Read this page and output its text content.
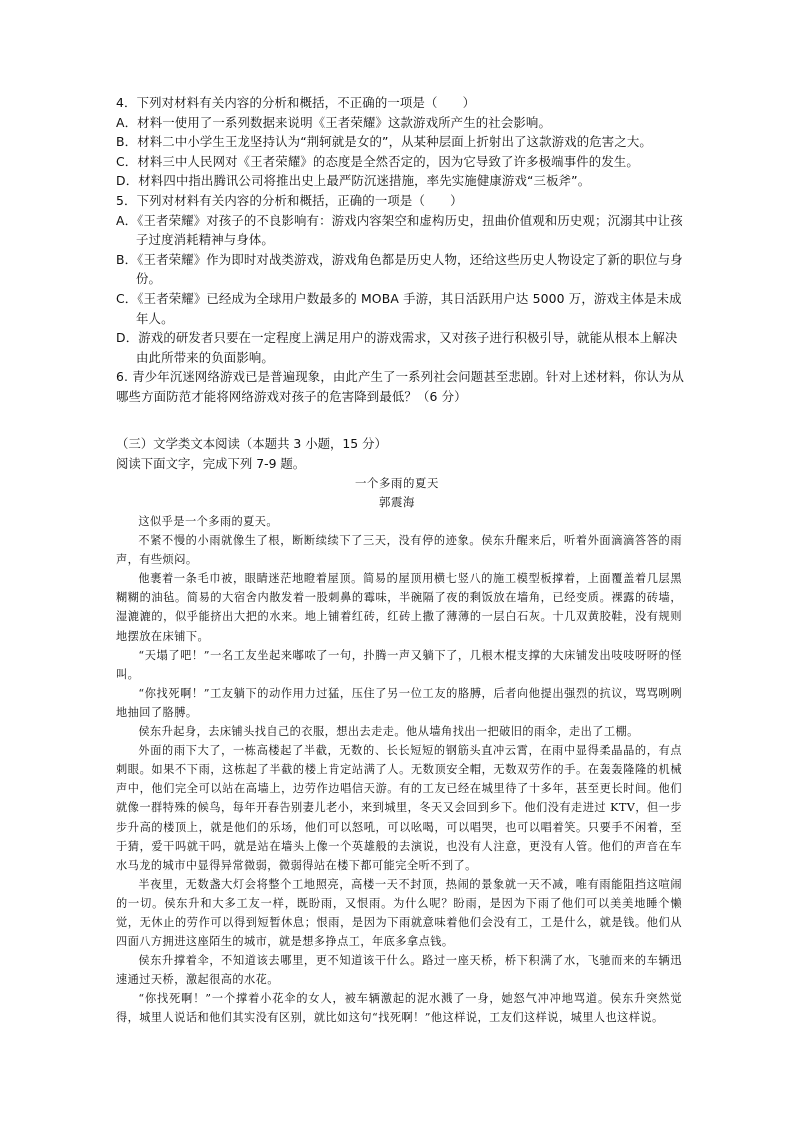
4．下列对材料有关内容的分析和概括，不正确的一项是（　　）

A．材料一使用了一系列数据来说明《王者荣耀》这款游戏所产生的社会影响。

B．材料二中小学生王龙坚持认为“荆轲就是女的”，从某种层面上折射出了这款游戏的危害之大。

C．材料三中人民网对《王者荣耀》的态度是全然否定的，因为它导致了许多极端事件的发生。

D．材料四中指出腾讯公司将推出史上最严防沉迷措施，率先实施健康游戏“三板斧”。

5．下列对材料有关内容的分析和概括，正确的一项是（　　）

A．《王者荣耀》对孩子的不良影响有：游戏内容架空和虚构历史，扭曲价值观和历史观；沉溺其中让孩子过度消耗精神与身体。

B．《王者荣耀》作为即时对战类游戏，游戏角色都是历史人物，还给这些历史人物设定了新的职位与身份。

C．《王者荣耀》已经成为全球用户数最多的 MOBA 手游，其日活跃用户达 5000 万，游戏主体是未成年人。

D．游戏的研发者只要在一定程度上满足用户的游戏需求，又对孩子进行积极引导，就能从根本上解决由此所带来的负面影响。

6. 青少年沉迷网络游戏已是普遍现象，由此产生了一系列社会问题甚至悲剧。针对上述材料，你认为从哪些方面防范才能将网络游戏对孩子的危害降到最低？（6 分）

（三）文学类文本阅读（本题共 3 小题，15 分）

阅读下面文字，完成下列 7-9 题。

一个多雨的夏天
郭震海

这似乎是一个多雨的夏天。

不紧不慢的小雨就像生了根，断断续续下了三天，没有停的迹象。侯东升醒来后，听着外面滴滴答答的雨声，有些烦闷。

他裹着一条毛巾被，眼睛迷茫地瞪着屋顶。简易的屋顶用横七竖八的施工模型板撑着，上面覆盖着几层黑糊糊的油毡。简易的大宿舍内散发着一股刺鼻的霉味，半碗隔了夜的剩饭放在墙角，已经变质。裸露的砖墙，湿漉漉的，似乎能挤出大把的水来。地上铺着红砖，红砖上撒了薄薄的一层白石灰。十几双黄胶鞋，没有规则地摆放在床铺下。

“天塌了吧！”一名工友坐起来嘟哝了一句，扑腾一声又躺下了，几根木棍支撑的大床铺发出吱吱呀呀的怪叫。

“你找死啊！”工友躺下的动作用力过猛，压住了另一位工友的胳膊，后者向他提出强烈的抗议，骂骂咧咧地抽回了胳膊。

侯东升起身，去床铺头找自己的衣服，想出去走走。他从墙角找出一把破旧的雨伞，走出了工棚。

外面的雨下大了，一栋高楼起了半截，无数的、长长短短的钢筋头直冲云霄，在雨中显得柔晶晶的，有点刺眼。如果不下雨，这栋起了半截的楼上肯定站满了人。无数顶安全帽，无数双劳作的手。在轰轰隆隆的机械声中，他们完全可以站在高墙上，边劳作边唱信天游。有的工友已经在城里待了十多年，甚至更长时间。他们就像一群特殊的候鸟，每年开春告别妻儿老小，来到城里，冬天又会回到乡下。他们没有走进过 KTV，但一步步升高的楼顶上，就是他们的乐场，他们可以怒吼，可以吆喝，可以唱哭，也可以唱着笑。只要手不闲着，至于猜，爱干吗就干吗，就是站在墙头上像一个英雄般的去演说，也没有人注意，更没有人管。他们的声音在车水马龙的城市中显得异常微弱，微弱得站在楼下都可能完全听不到了。

半夜里，无数盏大灯会将整个工地照亮，高楼一天不封顶，热闹的景象就一天不减，唯有雨能阻挡这喧闹的一切。侯东升和大多工友一样，既盼雨，又恨雨。为什么呢？盼雨，是因为下雨了他们可以美美地睡个懒觉，无休止的劳作可以得到短暂休息；恨雨，是因为下雨就意味着他们会没有工，工是什么，就是钱。他们从四面八方拥进这座陌生的城市，就是想多挣点工，年底多拿点钱。

侯东升撑着伞，不知道该去哪里，更不知道该干什么。路过一座天桥，桥下积满了水，飞驰而来的车辆迅速通过天桥，激起很高的水花。

“你找死啊！”一个撑着小花伞的女人，被车辆激起的泥水溅了一身，她怒气冲冲地骂道。侯东升突然觉得，城里人说话和他们其实没有区别，就比如这句“找死啊！”他这样说，工友们这样说，城里人也这样说。
